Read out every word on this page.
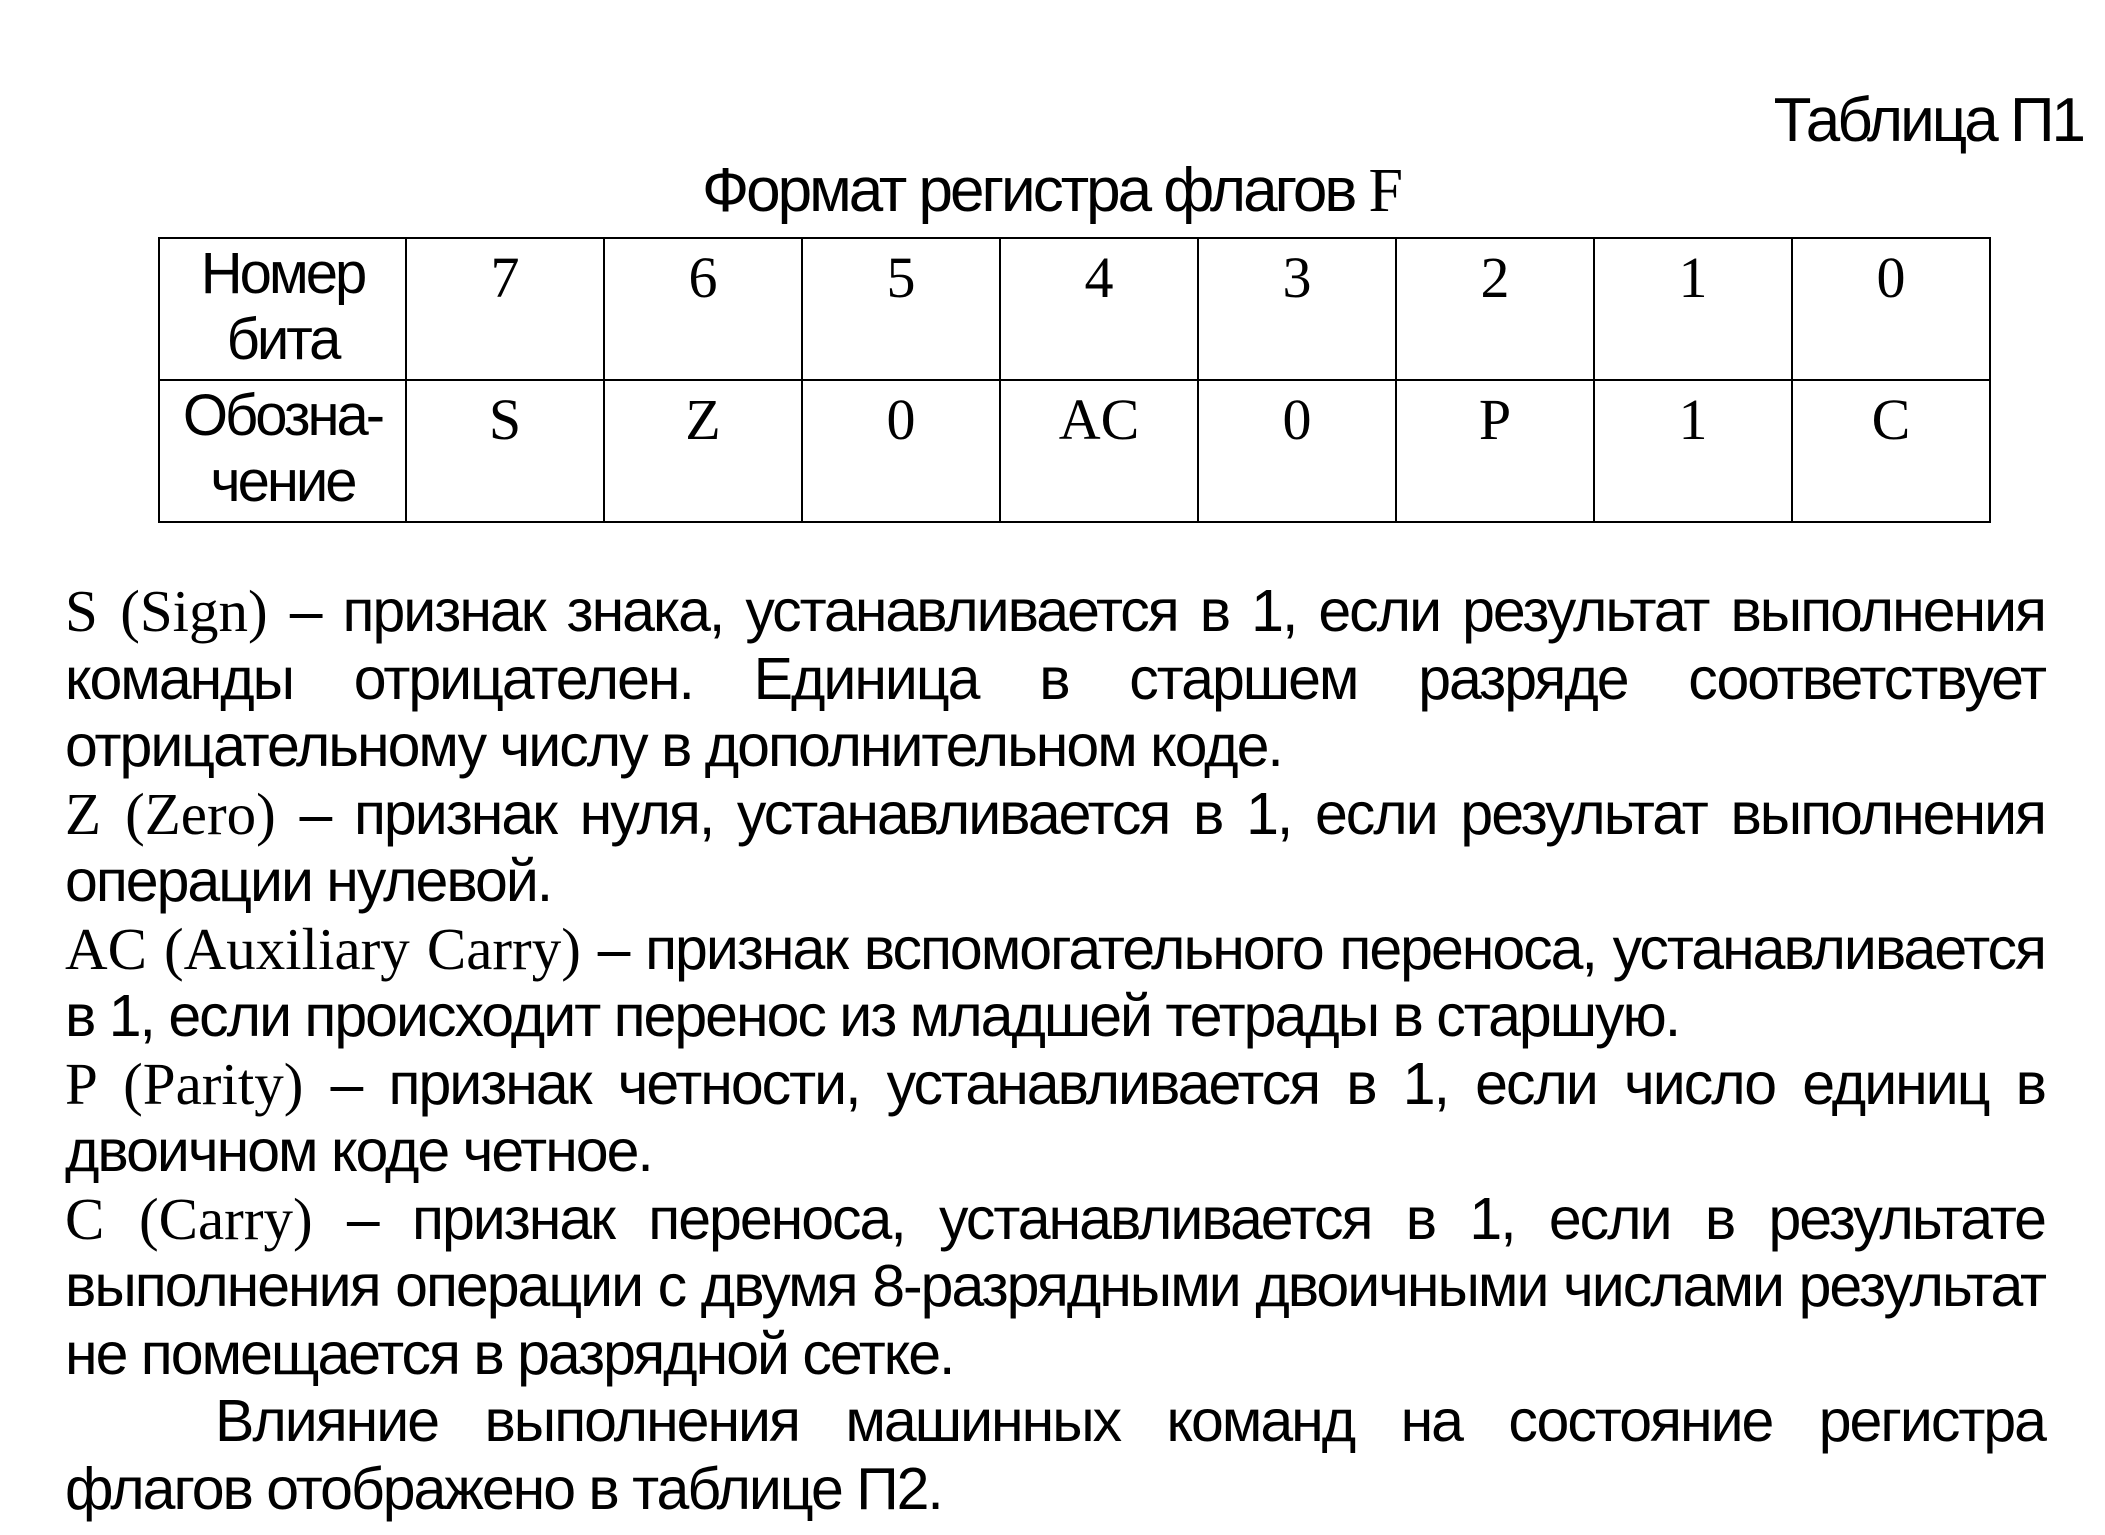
Таблица П1
Формат регистра флагов F
Номер
бита	7	6	5	4	3	2	1	0
Обозна-
чение	S	Z	0	AC	0	P	1	C

S (Sign) – признак знака, устанавливается в 1, если результат выполнения команды отрицателен. Единица в старшем разряде соответствует отрицательному числу в дополнительном коде.

Z (Zero) – признак нуля, устанавливается в 1, если результат выполнения операции нулевой.

AC (Auxiliary Carry) – признак вспомогательного переноса, устанавливается в 1, если происходит перенос из младшей тетрады в старшую.

P (Parity) – признак четности, устанавливается в 1, если число единиц в двоичном коде четное.

C (Carry) – признак переноса, устанавливается в 1, если в результате выполнения операции с двумя 8-разрядными двоичными числами результат не помещается в разрядной сетке.

Влияние выполнения машинных команд на состояние регистра флагов отображено в таблице П2.
